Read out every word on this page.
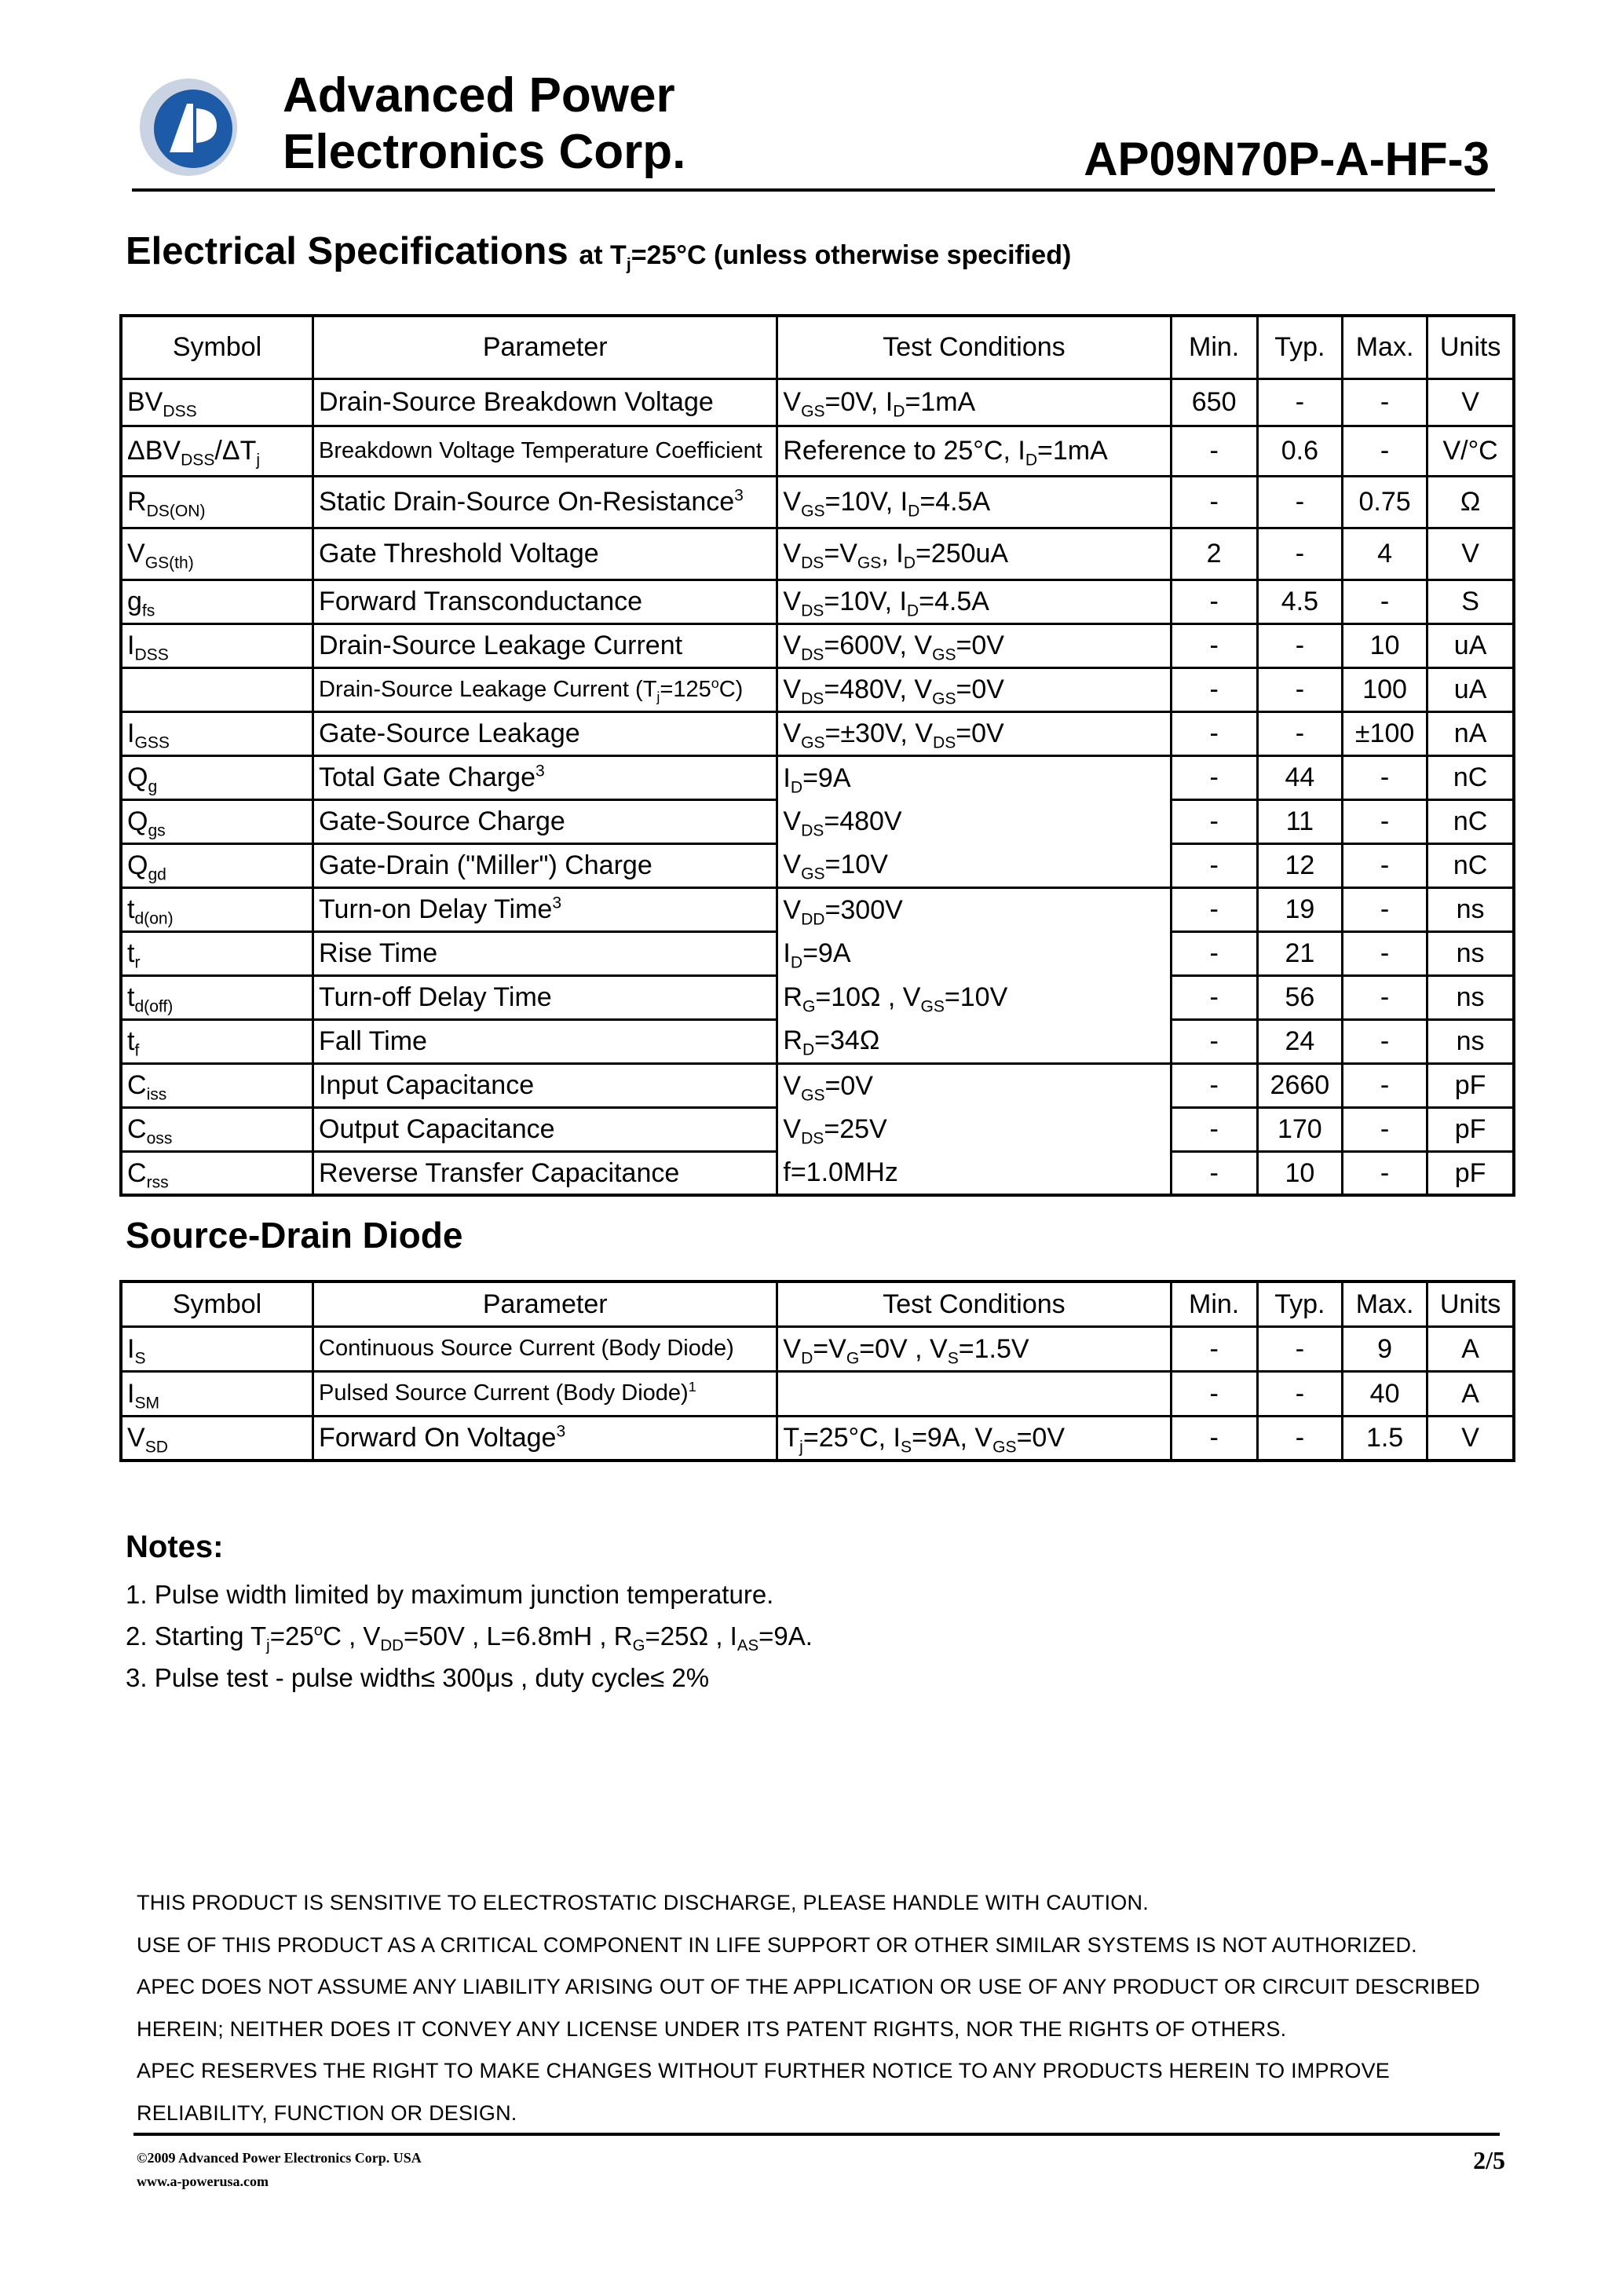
Advanced Power
Electronics Corp.	AP09N70P-A-HF-3
Electrical Specifications at $T_j=25^\circ C$ (unless otherwise specified)
Symbol	Parameter	Test Conditions	Min.	Typ.	Max.	Units
$BV_{DSS}$	Drain-Source Breakdown Voltage	$V_{GS}=0V$, $I_D=1mA$	650	-	-	V
$\Delta BV_{DSS}/\Delta T_j$	Breakdown Voltage Temperature Coefficient	Reference to 25°C, $I_D=1mA$	-	0.6	-	V/°C
$R_{DS(ON)}$	Static Drain-Source On-Resistance$^3$	$V_{GS}=10V$, $I_D=4.5A$	-	-	0.75	Ω
$V_{GS(th)}$	Gate Threshold Voltage	$V_{DS}=V_{GS}$, $I_D=250uA$	2	-	4	V
$g_{fs}$	Forward Transconductance	$V_{DS}=10V$, $I_D=4.5A$	-	4.5	-	S
$I_{DSS}$	Drain-Source Leakage Current	$V_{DS}=600V$, $V_{GS}=0V$	-	-	10	uA
	Drain-Source Leakage Current $(T_j=125^oC)$	$V_{DS}=480V$, $V_{GS}=0V$	-	-	100	uA
$I_{GSS}$	Gate-Source Leakage	$V_{GS}=\pm 30V$, $V_{DS}=0V$	-	-	±100	nA
$Q_g$	Total Gate Charge$^3$	$I_D=9A$	-	44	-	nC
$Q_{gs}$	Gate-Source Charge	$V_{DS}=480V$	-	11	-	nC
$Q_{gd}$	Gate-Drain ("Miller") Charge	$V_{GS}=10V$	-	12	-	nC
$t_{d(on)}$	Turn-on Delay Time$^3$	$V_{DD}=300V$	-	19	-	ns
$t_r$	Rise Time	$I_D=9A$	-	21	-	ns
$t_{d(off)}$	Turn-off Delay Time	$R_G=10\Omega$ , $V_{GS}=10V$	-	56	-	ns
$t_f$	Fall Time	$R_D=34\Omega$	-	24	-	ns
$C_{iss}$	Input Capacitance	$V_{GS}=0V$	-	2660	-	pF
$C_{oss}$	Output Capacitance	$V_{DS}=25V$	-	170	-	pF
$C_{rss}$	Reverse Transfer Capacitance	f=1.0MHz	-	10	-	pF
Source-Drain Diode
Symbol	Parameter	Test Conditions	Min.	Typ.	Max.	Units
$I_S$	Continuous Source Current (Body Diode)	$V_D=V_G=0V$ , $V_S=1.5V$	-	-	9	A
$I_{SM}$	Pulsed Source Current (Body Diode)$^1$		-	-	40	A
$V_{SD}$	Forward On Voltage$^3$	$T_j=25^\circ C$, $I_S=9A$, $V_{GS}=0V$	-	-	1.5	V
Notes:
1. Pulse width limited by maximum junction temperature.
2. Starting $T_j=25^oC$ , $V_{DD}=50V$ , L=6.8mH , $R_G=25\Omega$ , $I_{AS}=9A$.
3. Pulse test - pulse width≤ 300μs , duty cycle≤ 2%
THIS PRODUCT IS SENSITIVE TO ELECTROSTATIC DISCHARGE, PLEASE HANDLE WITH CAUTION.
USE OF THIS PRODUCT AS A CRITICAL COMPONENT IN LIFE SUPPORT OR OTHER SIMILAR SYSTEMS IS NOT AUTHORIZED.
APEC DOES NOT ASSUME ANY LIABILITY ARISING OUT OF THE APPLICATION OR USE OF ANY PRODUCT OR CIRCUIT DESCRIBED
HEREIN; NEITHER DOES IT CONVEY ANY LICENSE UNDER ITS PATENT RIGHTS, NOR THE RIGHTS OF OTHERS.
APEC RESERVES THE RIGHT TO MAKE CHANGES WITHOUT FURTHER NOTICE TO ANY PRODUCTS HEREIN TO IMPROVE
RELIABILITY, FUNCTION OR DESIGN.
©2009 Advanced Power Electronics Corp. USA
www.a-powerusa.com
2/5
